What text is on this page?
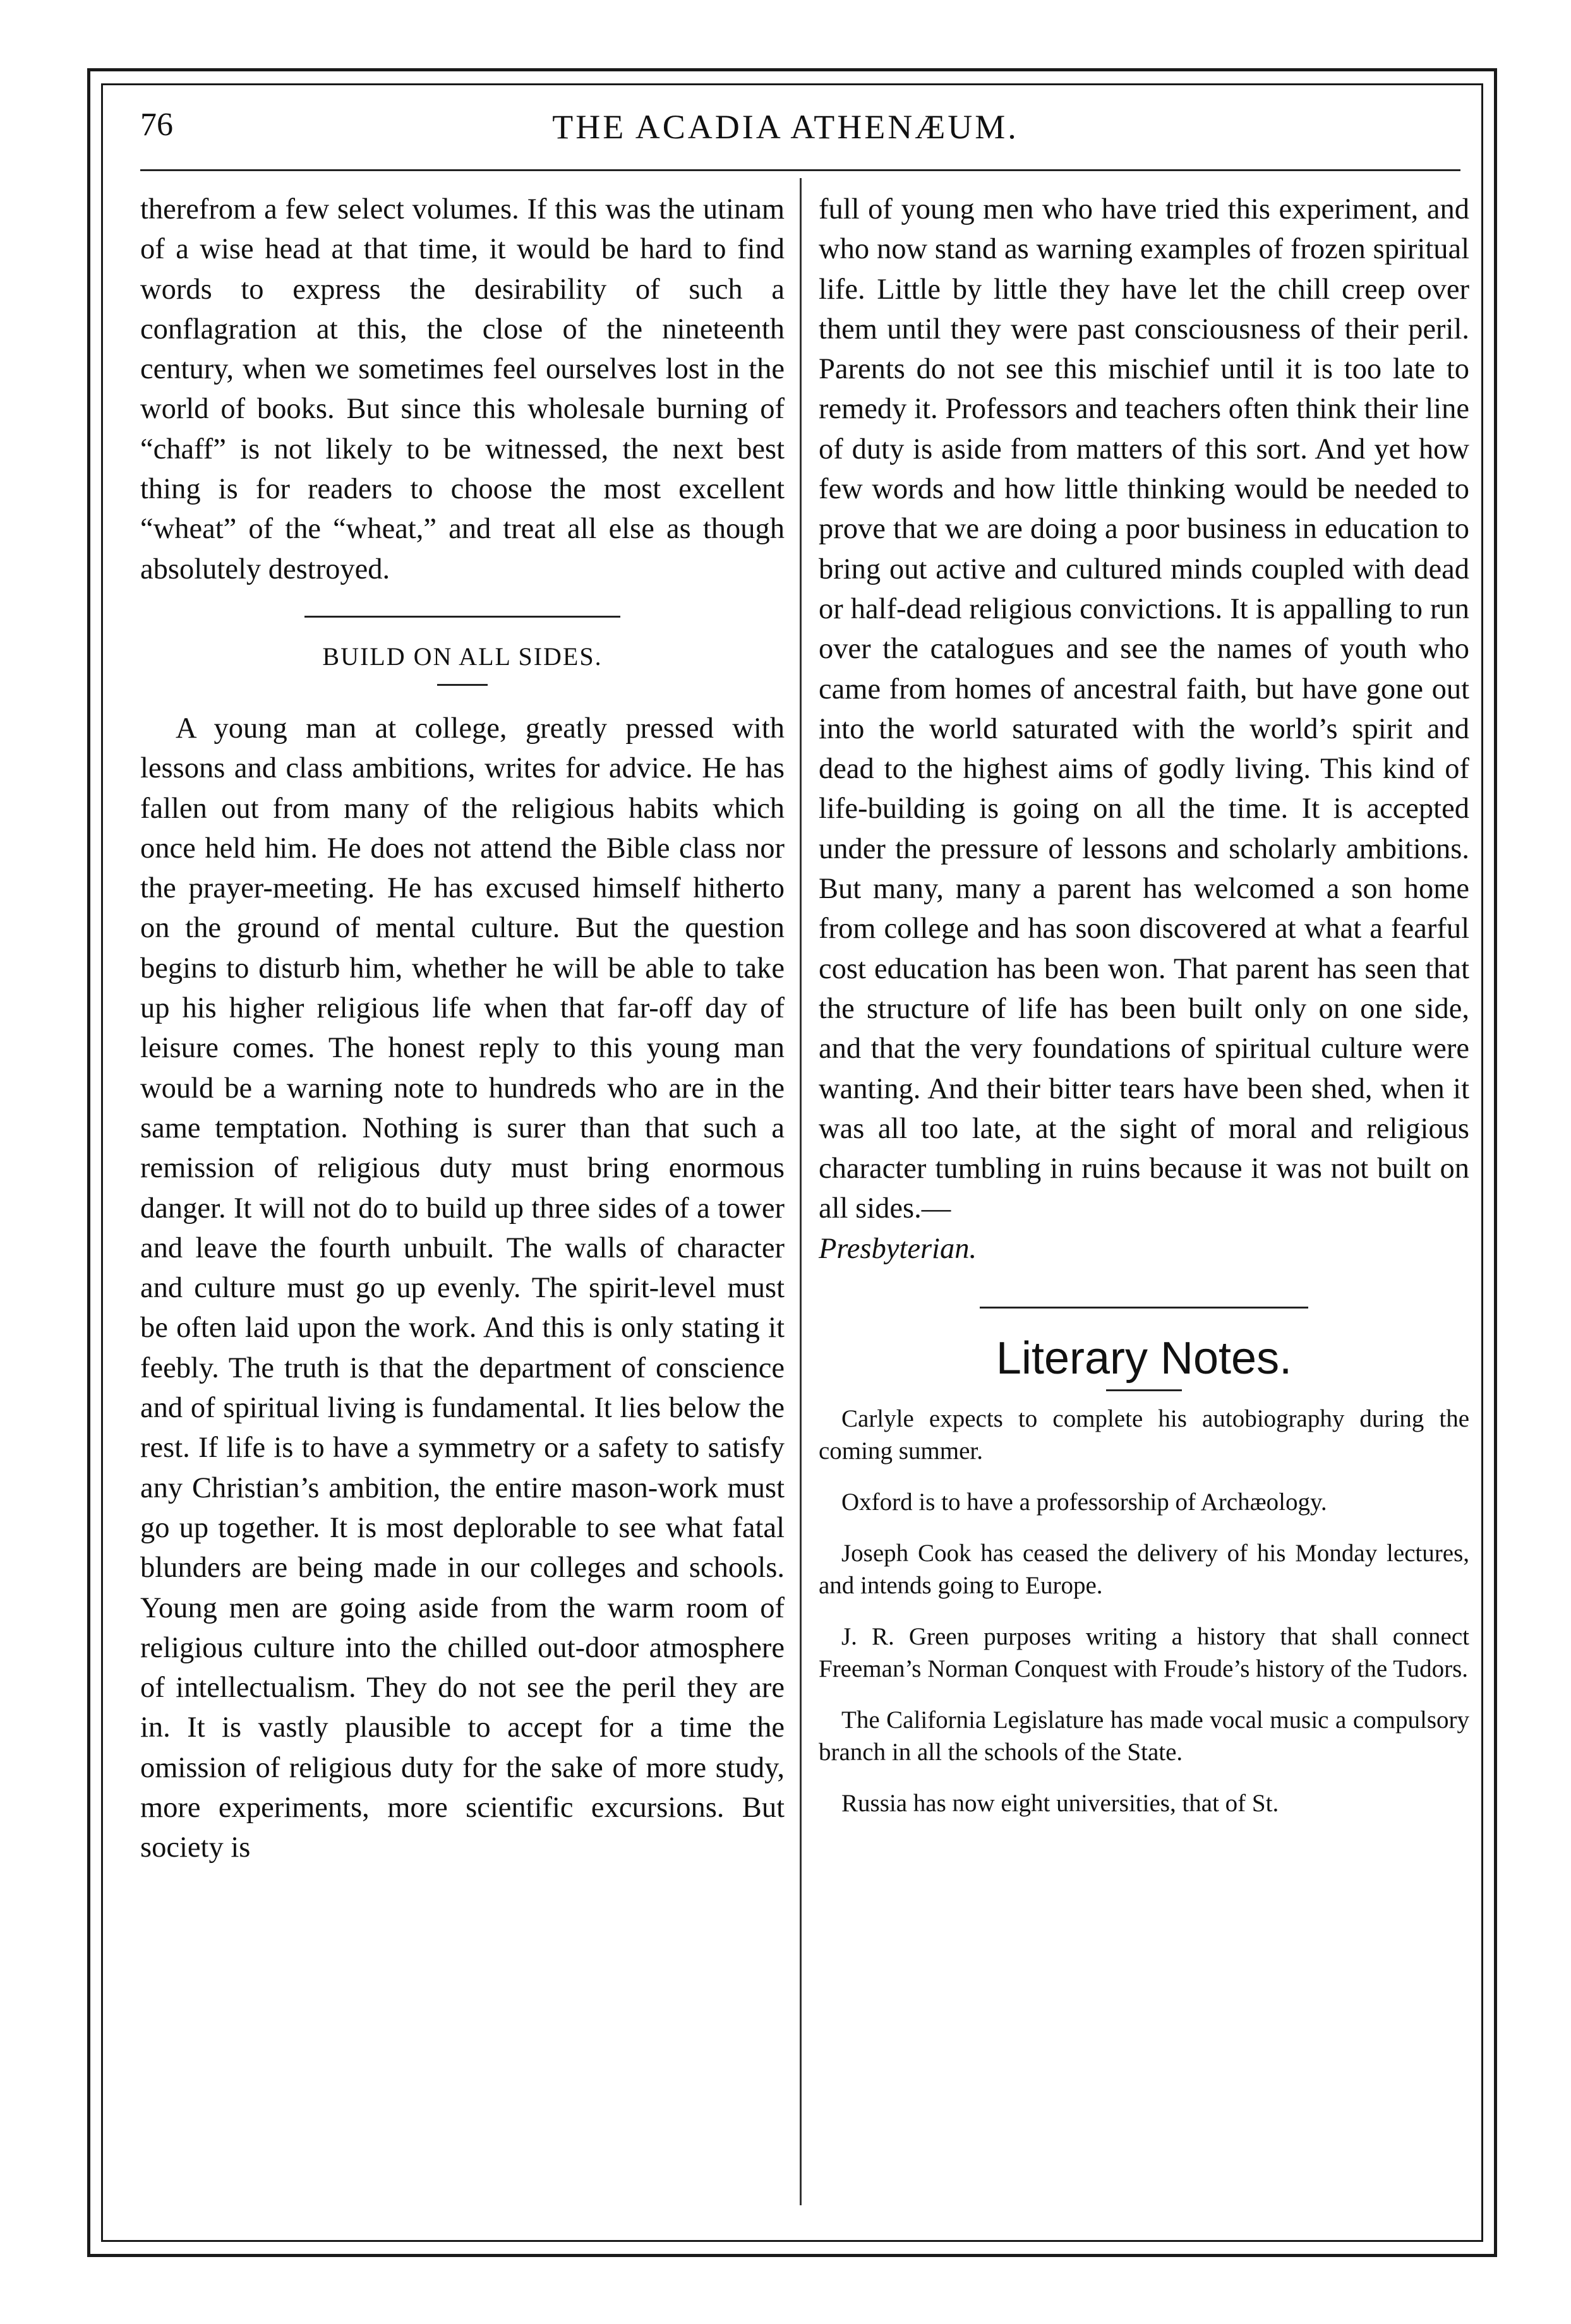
76	THE ACADIA ATHENÆUM.

therefrom a few select volumes. If this was the utinam of a wise head at that time, it would be hard to find words to express the desirability of such a conflagration at this, the close of the nineteenth century, when we sometimes feel ourselves lost in the world of books. But since this wholesale burning of “chaff” is not likely to be witnessed, the next best thing is for readers to choose the most excellent “wheat” of the “wheat,” and treat all else as though absolutely destroyed.

BUILD ON ALL SIDES.

A young man at college, greatly pressed with lessons and class ambitions, writes for advice. He has fallen out from many of the religious habits which once held him. He does not attend the Bible class nor the prayer-meeting. He has excused himself hitherto on the ground of mental culture. But the question begins to disturb him, whether he will be able to take up his higher religious life when that far-off day of leisure comes. The honest reply to this young man would be a warning note to hundreds who are in the same temptation. Nothing is surer than that such a remission of religious duty must bring enormous danger. It will not do to build up three sides of a tower and leave the fourth unbuilt. The walls of character and culture must go up evenly. The spirit-level must be often laid upon the work. And this is only stating it feebly. The truth is that the department of conscience and of spiritual living is fundamental. It lies below the rest. If life is to have a symmetry or a safety to satisfy any Christian’s ambition, the entire mason-work must go up together. It is most deplorable to see what fatal blunders are being made in our colleges and schools. Young men are going aside from the warm room of religious culture into the chilled out-door atmosphere of intellectualism. They do not see the peril they are in. It is vastly plausible to accept for a time the omission of religious duty for the sake of more study, more experiments, more scientific excursions. But society is

full of young men who have tried this experiment, and who now stand as warning examples of frozen spiritual life. Little by little they have let the chill creep over them until they were past consciousness of their peril. Parents do not see this mischief until it is too late to remedy it. Professors and teachers often think their line of duty is aside from matters of this sort. And yet how few words and how little thinking would be needed to prove that we are doing a poor business in education to bring out active and cultured minds coupled with dead or half-dead religious convictions. It is appalling to run over the catalogues and see the names of youth who came from homes of ancestral faith, but have gone out into the world saturated with the world’s spirit and dead to the highest aims of godly living. This kind of life-building is going on all the time. It is accepted under the pressure of lessons and scholarly ambitions. But many, many a parent has welcomed a son home from college and has soon discovered at what a fearful cost education has been won. That parent has seen that the structure of life has been built only on one side, and that the very foundations of spiritual culture were wanting. And their bitter tears have been shed, when it was all too late, at the sight of moral and religious character tumbling in ruins because it was not built on all sides.—

Presbyterian.

Literary Notes.

Carlyle expects to complete his autobiography during the coming summer.

Oxford is to have a professorship of Archæology.

Joseph Cook has ceased the delivery of his Monday lectures, and intends going to Europe.

J. R. Green purposes writing a history that shall connect Freeman’s Norman Conquest with Froude’s history of the Tudors.

The California Legislature has made vocal music a compulsory branch in all the schools of the State.

Russia has now eight universities, that of St.
